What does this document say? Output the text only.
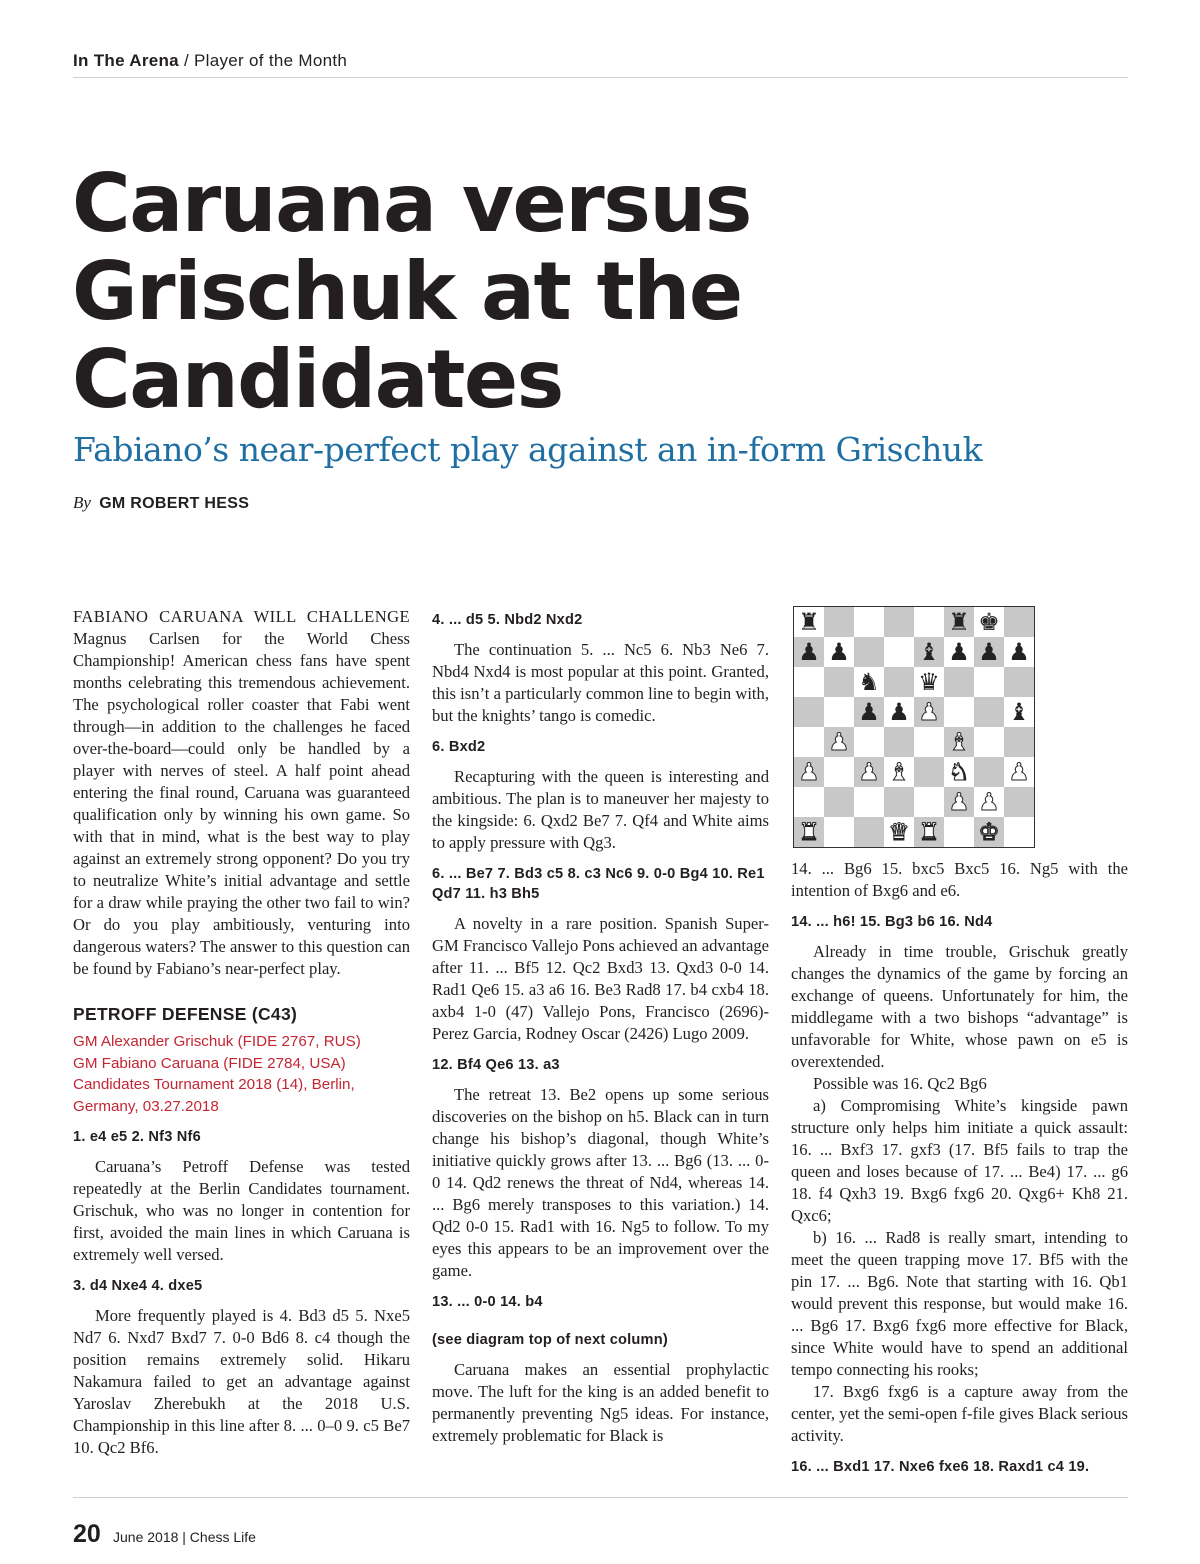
In The Arena / Player of the Month
Caruana versus Grischuk at the Candidates
Fabiano’s near-perfect play against an in-form Grischuk
By GM ROBERT HESS

FABIANO CARUANA WILL CHALLENGE Magnus Carlsen for the World Chess Championship! American chess fans have spent months celebrating this tremendous achievement. The psychological roller coaster that Fabi went through—in addition to the challenges he faced over-the-board—could only be handled by a player with nerves of steel. A half point ahead entering the final round, Caruana was guaranteed qualification only by winning his own game. So with that in mind, what is the best way to play against an extremely strong opponent? Do you try to neutralize White’s initial advantage and settle for a draw while praying the other two fail to win? Or do you play ambitiously, venturing into dangerous waters? The answer to this question can be found by Fabiano’s near-perfect play.

PETROFF DEFENSE (C43)

GM Alexander Grischuk (FIDE 2767, RUS)

GM Fabiano Caruana (FIDE 2784, USA)

Candidates Tournament 2018 (14), Berlin, Germany, 03.27.2018

1. e4 e5 2. Nf3 Nf6

Caruana’s Petroff Defense was tested repeatedly at the Berlin Candidates tournament. Grischuk, who was no longer in contention for first, avoided the main lines in which Caruana is extremely well versed.

3. d4 Nxe4 4. dxe5

More frequently played is 4. Bd3 d5 5. Nxe5 Nd7 6. Nxd7 Bxd7 7. 0-0 Bd6 8. c4 though the position remains extremely solid. Hikaru Nakamura failed to get an advantage against Yaroslav Zherebukh at the 2018 U.S. Championship in this line after 8. ... 0–0 9. c5 Be7 10. Qc2 Bf6.

4. ... d5 5. Nbd2 Nxd2

The continuation 5. ... Nc5 6. Nb3 Ne6 7. Nbd4 Nxd4 is most popular at this point. Granted, this isn’t a particularly common line to begin with, but the knights’ tango is comedic.

6. Bxd2

Recapturing with the queen is interesting and ambitious. The plan is to maneuver her majesty to the kingside: 6. Qxd2 Be7 7. Qf4 and White aims to apply pressure with Qg3.

6. ... Be7 7. Bd3 c5 8. c3 Nc6 9. 0-0 Bg4 10. Re1 Qd7 11. h3 Bh5

A novelty in a rare position. Spanish Super-GM Francisco Vallejo Pons achieved an advantage after 11. ... Bf5 12. Qc2 Bxd3 13. Qxd3 0-0 14. Rad1 Qe6 15. a3 a6 16. Be3 Rad8 17. b4 cxb4 18. axb4 1-0 (47) Vallejo Pons, Francisco (2696)-Perez Garcia, Rodney Oscar (2426) Lugo 2009.

12. Bf4 Qe6 13. a3

The retreat 13. Be2 opens up some serious discoveries on the bishop on h5. Black can in turn change his bishop’s diagonal, though White’s initiative quickly grows after 13. ... Bg6 (13. ... 0-0 14. Qd2 renews the threat of Nd4, whereas 14. ... Bg6 merely transposes to this variation.) 14. Qd2 0-0 15. Rad1 with 16. Ng5 to follow. To my eyes this appears to be an improvement over the game.

13. ... 0-0 14. b4
(see diagram top of next column)

Caruana makes an essential prophylactic move. The luft for the king is an added benefit to permanently preventing Ng5 ideas. For instance, extremely problematic for Black is

♜	♜ ♚
♟ ♟	♝ ♟ ♟ ♟
♞ ♛
♟ ♟ ♟	♝
♟	♝
♟ ♟ ♝ ♞ ♟
♟ ♟
♜	♛ ♜ ♚

14. ... Bg6 15. bxc5 Bxc5 16. Ng5 with the intention of Bxg6 and e6.

14. ... h6! 15. Bg3 b6 16. Nd4

Already in time trouble, Grischuk greatly changes the dynamics of the game by forcing an exchange of queens. Unfortunately for him, the middlegame with a two bishops “advantage” is unfavorable for White, whose pawn on e5 is overextended.

Possible was 16. Qc2 Bg6

a) Compromising White’s kingside pawn structure only helps him initiate a quick assault: 16. ... Bxf3 17. gxf3 (17. Bf5 fails to trap the queen and loses because of 17. ... Be4) 17. ... g6 18. f4 Qxh3 19. Bxg6 fxg6 20. Qxg6+ Kh8 21. Qxc6;

b) 16. ... Rad8 is really smart, intending to meet the queen trapping move 17. Bf5 with the pin 17. ... Bg6. Note that starting with 16. Qb1 would prevent this response, but would make 16. ... Bg6 17. Bxg6 fxg6 more effective for Black, since White would have to spend an additional tempo connecting his rooks;

17. Bxg6 fxg6 is a capture away from the center, yet the semi-open f-file gives Black serious activity.

16. ... Bxd1 17. Nxe6 fxe6 18. Raxd1 c4 19.
20 June 2018 | Chess Life
